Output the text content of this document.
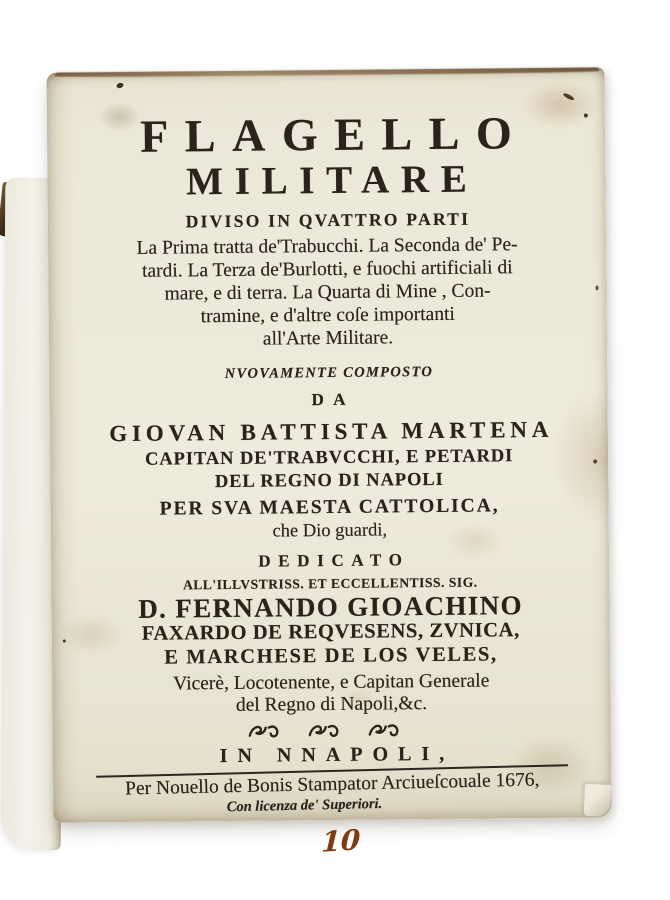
FLAGELLO
MILITARE
DIVISO IN QVATTRO PARTI
La Prima tratta de'Trabucchi. La Seconda de' Pe-
tardi. La Terza de'Burlotti, e fuochi artificiali di
mare, e di terra. La Quarta di Mine , Con-
tramine, e d'altre coſe importanti
all'Arte Militare.
NVOVAMENTE COMPOSTO
DA
GIOVAN BATTISTA MARTENA
CAPITAN DE'TRABVCCHI, E PETARDI
DEL REGNO DI NAPOLI
PER SVA MAESTA CATTOLICA,
che Dio guardi,
DEDICATO
ALL'ILLVSTRISS. ET ECCELLENTISS. SIG.
D. FERNANDO GIOACHINO
FAXARDO DE REQVESENS, ZVNICA,
E MARCHESE DE LOS VELES,
Vicerè, Locotenente, e Capitan Generale
del Regno di Napoli,&c.
IN NNAPOLI,
Per Nouello de Bonis Stampator Arciueſcouale 1676,
Con licenza de' Superiori.
10
